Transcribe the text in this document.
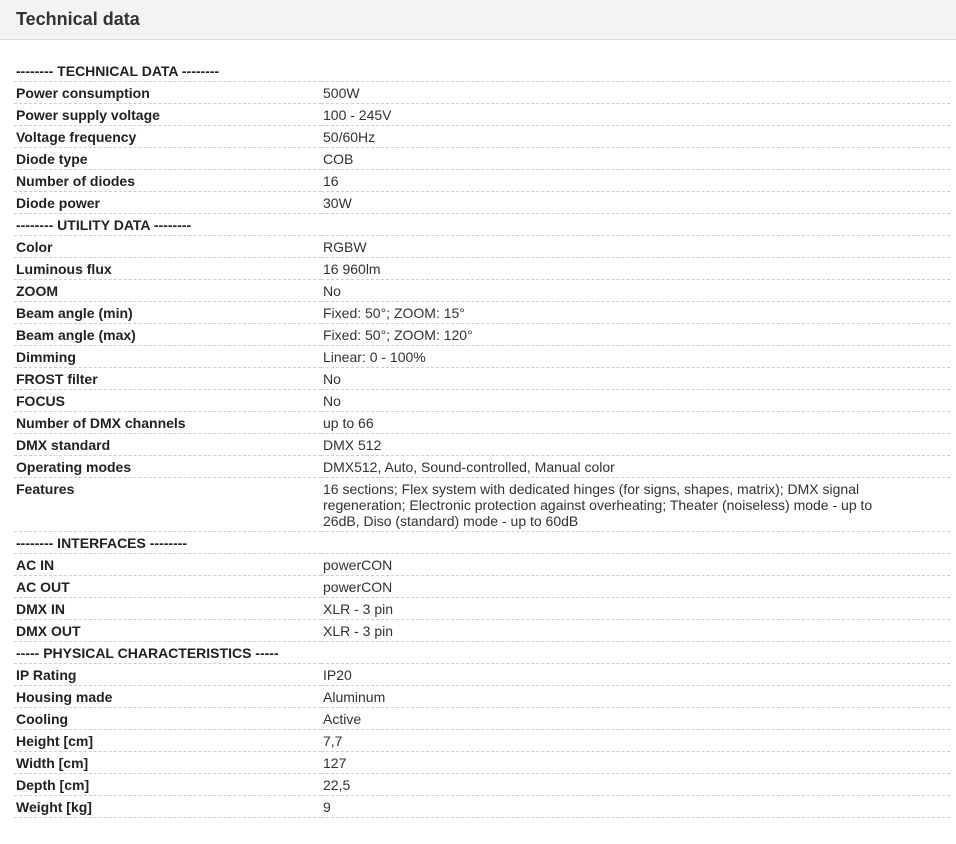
Technical data
-------- TECHNICAL DATA --------	
Power consumption	500W
Power supply voltage	100 - 245V
Voltage frequency	50/60Hz
Diode type	COB
Number of diodes	16
Diode power	30W
-------- UTILITY DATA --------	
Color	RGBW
Luminous flux	16 960lm
ZOOM	No
Beam angle (min)	Fixed: 50°; ZOOM: 15°
Beam angle (max)	Fixed: 50°; ZOOM: 120°
Dimming	Linear: 0 - 100%
FROST filter	No
FOCUS	No
Number of DMX channels	up to 66
DMX standard	DMX 512
Operating modes	DMX512, Auto, Sound-controlled, Manual color
Features	16 sections; Flex system with dedicated hinges (for signs, shapes, matrix); DMX signal regeneration; Electronic protection against overheating; Theater (noiseless) mode - up to 26dB, Diso (standard) mode - up to 60dB
-------- INTERFACES --------	
AC IN	powerCON
AC OUT	powerCON
DMX IN	XLR - 3 pin
DMX OUT	XLR - 3 pin
----- PHYSICAL CHARACTERISTICS -----	
IP Rating	IP20
Housing made	Aluminum
Cooling	Active
Height [cm]	7,7
Width [cm]	127
Depth [cm]	22,5
Weight [kg]	9
